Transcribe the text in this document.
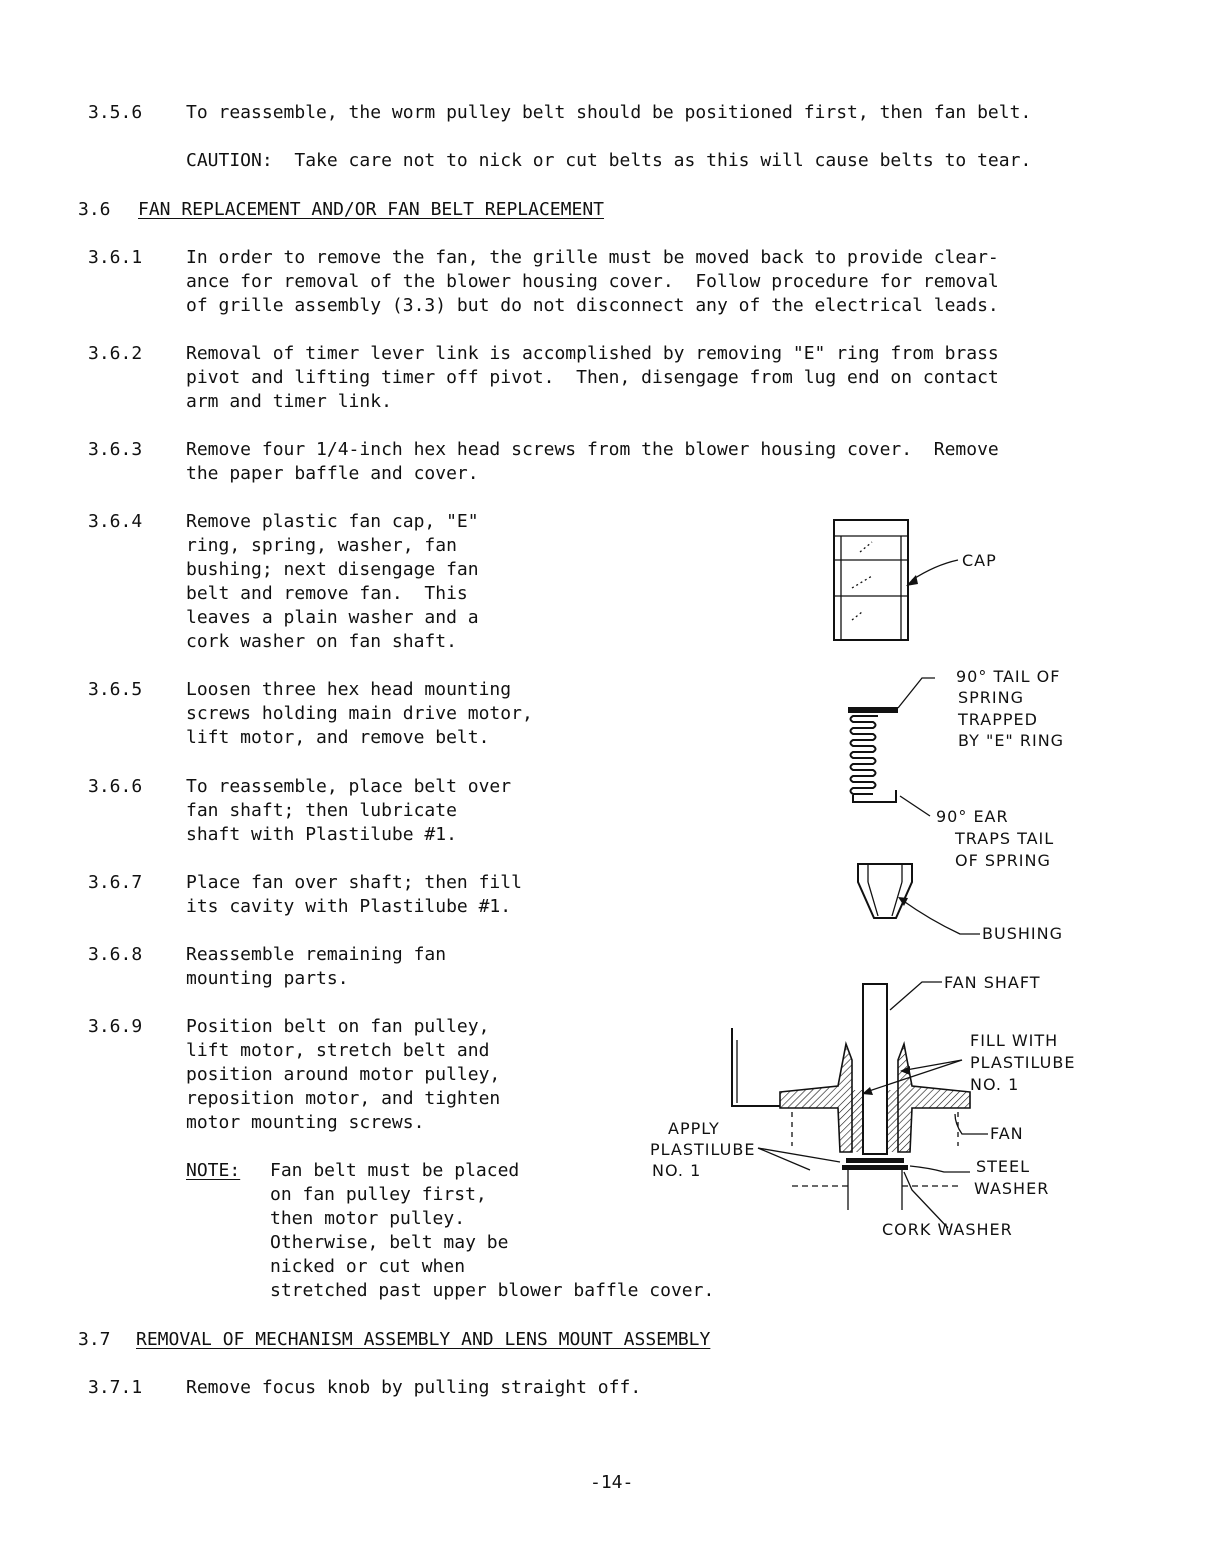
3.5.6 To reassemble, the worm pulley belt should be positioned first, then fan belt.
CAUTION:  Take care not to nick or cut belts as this will cause belts to tear.
3.6 FAN REPLACEMENT AND/OR FAN BELT REPLACEMENT
3.6.1 In order to remove the fan, the grille must be moved back to provide clear-
ance for removal of the blower housing cover.  Follow procedure for removal
of grille assembly (3.3) but do not disconnect any of the electrical leads.
3.6.2 Removal of timer lever link is accomplished by removing "E" ring from brass
pivot and lifting timer off pivot.  Then, disengage from lug end on contact
arm and timer link.
3.6.3 Remove four 1/4-inch hex head screws from the blower housing cover.  Remove
the paper baffle and cover.
3.6.4 Remove plastic fan cap, "E"
ring, spring, washer, fan
bushing; next disengage fan
belt and remove fan.  This
leaves a plain washer and a
cork washer on fan shaft.
3.6.5 Loosen three hex head mounting
screws holding main drive motor,
lift motor, and remove belt.
3.6.6 To reassemble, place belt over
fan shaft; then lubricate
shaft with Plastilube #1.
3.6.7 Place fan over shaft; then fill
its cavity with Plastilube #1.
3.6.8 Reassemble remaining fan
mounting parts.
3.6.9 Position belt on fan pulley,
lift motor, stretch belt and
position around motor pulley,
reposition motor, and tighten
motor mounting screws.
NOTE: Fan belt must be placed
on fan pulley first,
then motor pulley.
Otherwise, belt may be
nicked or cut when
stretched past upper blower baffle cover.
3.7 REMOVAL OF MECHANISM ASSEMBLY AND LENS MOUNT ASSEMBLY
3.7.1 Remove focus knob by pulling straight off.
-14-
CAP
90° TAIL OF
SPRING
TRAPPED
BY "E" RING
90° EAR
TRAPS TAIL
OF SPRING
BUSHING
FAN SHAFT
FILL WITH
PLASTILUBE
NO. 1
FAN
APPLY
PLASTILUBE
NO. 1	STEEL
WASHER
CORK WASHER
